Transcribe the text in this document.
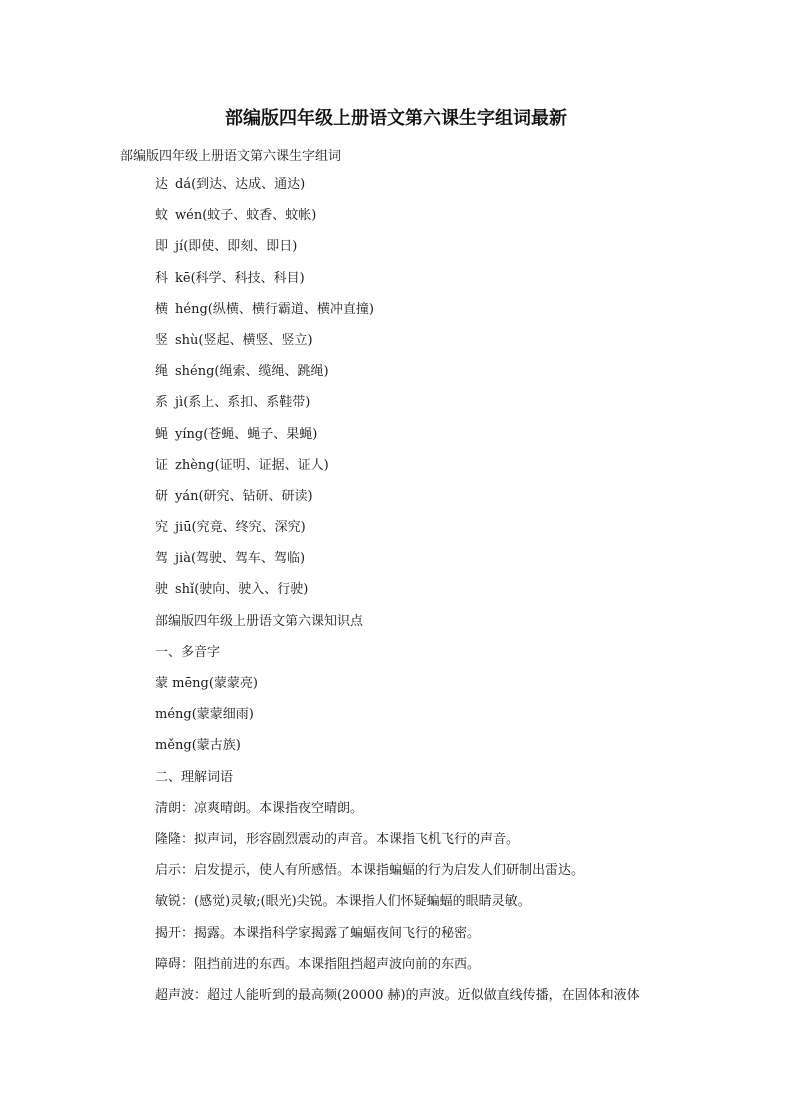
部编版四年级上册语文第六课生字组词最新
部编版四年级上册语文第六课生字组词
达 dá(到达、达成、通达)
蚊 wén(蚊子、蚊香、蚊帐)
即 jí(即使、即刻、即日)
科 kē(科学、科技、科目)
横 héng(纵横、横行霸道、横冲直撞)
竖 shù(竖起、横竖、竖立)
绳 shéng(绳索、缆绳、跳绳)
系 jì(系上、系扣、系鞋带)
蝇 yíng(苍蝇、蝇子、果蝇)
证 zhèng(证明、证据、证人)
研 yán(研究、钻研、研读)
究 jiū(究竟、终究、深究)
驾 jià(驾驶、驾车、驾临)
驶 shǐ(驶向、驶入、行驶)
部编版四年级上册语文第六课知识点
一、多音字
蒙 mēng(蒙蒙亮)
méng(蒙蒙细雨)
měng(蒙古族)
二、理解词语
清朗：凉爽晴朗。本课指夜空晴朗。
隆隆：拟声词，形容剧烈震动的声音。本课指飞机飞行的声音。
启示：启发提示，使人有所感悟。本课指蝙蝠的行为启发人们研制出雷达。
敏锐：(感觉)灵敏;(眼光)尖锐。本课指人们怀疑蝙蝠的眼睛灵敏。
揭开：揭露。本课指科学家揭露了蝙蝠夜间飞行的秘密。
障碍：阻挡前进的东西。本课指阻挡超声波向前的东西。
超声波：超过人能听到的最高频(20000 赫)的声波。近似做直线传播，在固体和液体
